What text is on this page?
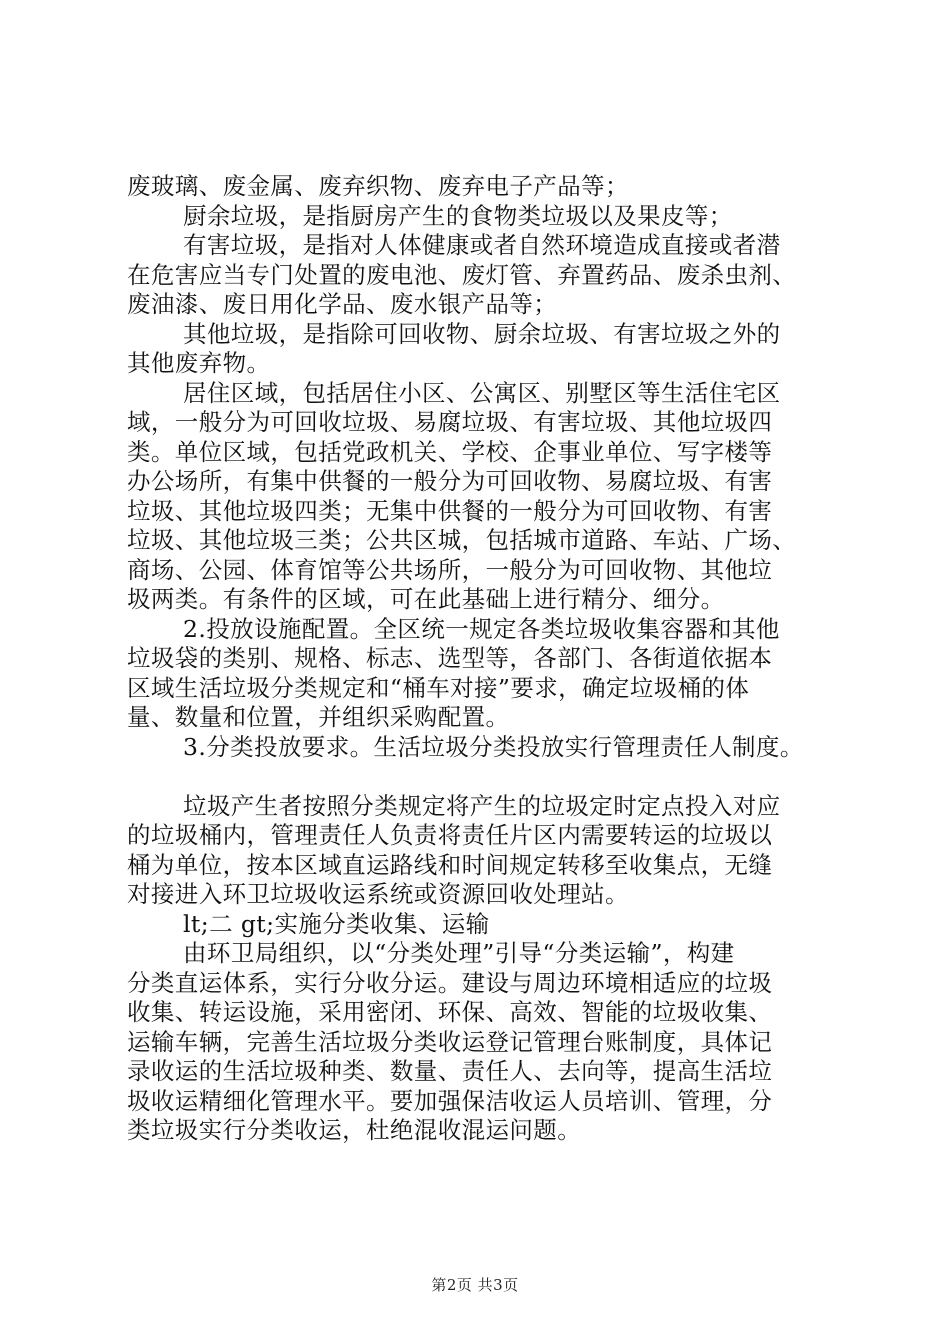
废玻璃、废金属、废弃织物、废弃电子产品等；
厨余垃圾，是指厨房产生的食物类垃圾以及果皮等；
有害垃圾，是指对人体健康或者自然环境造成直接或者潜
在危害应当专门处置的废电池、废灯管、弃置药品、废杀虫剂、
废油漆、废日用化学品、废水银产品等；
其他垃圾，是指除可回收物、厨余垃圾、有害垃圾之外的
其他废弃物。
居住区域，包括居住小区、公寓区、别墅区等生活住宅区
域，一般分为可回收垃圾、易腐垃圾、有害垃圾、其他垃圾四
类。单位区域，包括党政机关、学校、企事业单位、写字楼等
办公场所，有集中供餐的一般分为可回收物、易腐垃圾、有害
垃圾、其他垃圾四类；无集中供餐的一般分为可回收物、有害
垃圾、其他垃圾三类；公共区城，包括城市道路、车站、广场、
商场、公园、体育馆等公共场所，一般分为可回收物、其他垃
圾两类。有条件的区域，可在此基础上进行精分、细分。
2.投放设施配置。全区统一规定各类垃圾收集容器和其他
垃圾袋的类别、规格、标志、选型等，各部门、各街道依据本
区域生活垃圾分类规定和“桶车对接”要求，确定垃圾桶的体
量、数量和位置，并组织采购配置。
3.分类投放要求。生活垃圾分类投放实行管理责任人制度。
垃圾产生者按照分类规定将产生的垃圾定时定点投入对应
的垃圾桶内，管理责任人负责将责任片区内需要转运的垃圾以
桶为单位，按本区域直运路线和时间规定转移至收集点，无缝
对接进入环卫垃圾收运系统或资源回收处理站。
lt;二 gt;实施分类收集、运输
由环卫局组织，以“分类处理”引导“分类运输”，构建
分类直运体系，实行分收分运。建设与周边环境相适应的垃圾
收集、转运设施，采用密闭、环保、高效、智能的垃圾收集、
运输车辆，完善生活垃圾分类收运登记管理台账制度，具体记
录收运的生活垃圾种类、数量、责任人、去向等，提高生活垃
圾收运精细化管理水平。要加强保洁收运人员培训、管理，分
类垃圾实行分类收运，杜绝混收混运问题。
第2页 共3页
